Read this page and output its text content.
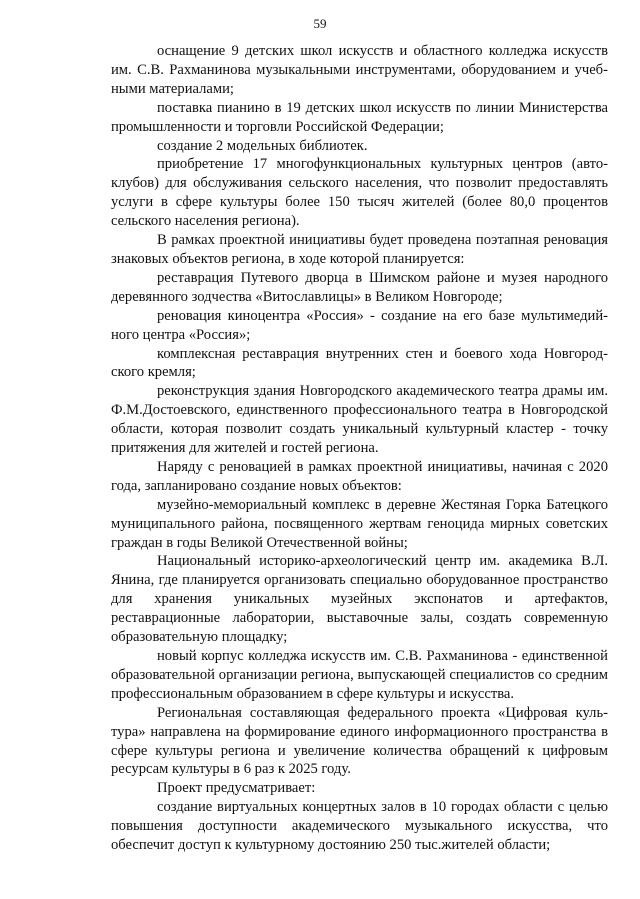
59

оснащение 9 детских школ искусств и областного колледжа искусств им. С.В. Рахманинова музыкальными инструментами, оборудованием и учебными материалами;

поставка пианино в 19 детских школ искусств по линии Министерства промышленности и торговли Российской Федерации;

создание 2 модельных библиотек.

приобретение 17 многофункциональных культурных центров (автоклубов) для обслуживания сельского населения, что позволит предоставлять услуги в сфере культуры более 150 тысяч жителей (более 80,0 процентов сельского населения региона).

В рамках проектной инициативы будет проведена поэтапная реновация знаковых объектов региона, в ходе которой планируется:

реставрация Путевого дворца в Шимском районе и музея народного деревянного зодчества «Витославлицы» в Великом Новгороде;

реновация киноцентра «Россия» - создание на его базе мультимедийного центра «Россия»;

комплексная реставрация внутренних стен и боевого хода Новгородского кремля;

реконструкция здания Новгородского академического театра драмы им. Ф.М.Достоевского, единственного профессионального театра в Новгородской области, которая позволит создать уникальный культурный кластер - точку притяжения для жителей и гостей региона.

Наряду с реновацией в рамках проектной инициативы, начиная с 2020 года, запланировано создание новых объектов:

музейно-мемориальный комплекс в деревне Жестяная Горка Батецкого муниципального района, посвященного жертвам геноцида мирных советских граждан в годы Великой Отечественной войны;

Национальный историко-археологический центр им. академика В.Л. Янина, где планируется организовать специально оборудованное пространство для хранения уникальных музейных экспонатов и артефактов, реставрационные лаборатории, выставочные залы, создать современную образовательную площадку;

новый корпус колледжа искусств им. С.В. Рахманинова - единственной образовательной организации региона, выпускающей специалистов со средним профессиональным образованием в сфере культуры и искусства.

Региональная составляющая федерального проекта «Цифровая культура» направлена на формирование единого информационного пространства в сфере культуры региона и увеличение количества обращений к цифровым ресурсам культуры в 6 раз к 2025 году.

Проект предусматривает:

создание виртуальных концертных залов в 10 городах области с целью повышения доступности академического музыкального искусства, что обеспечит доступ к культурному достоянию 250 тыс.жителей области;
